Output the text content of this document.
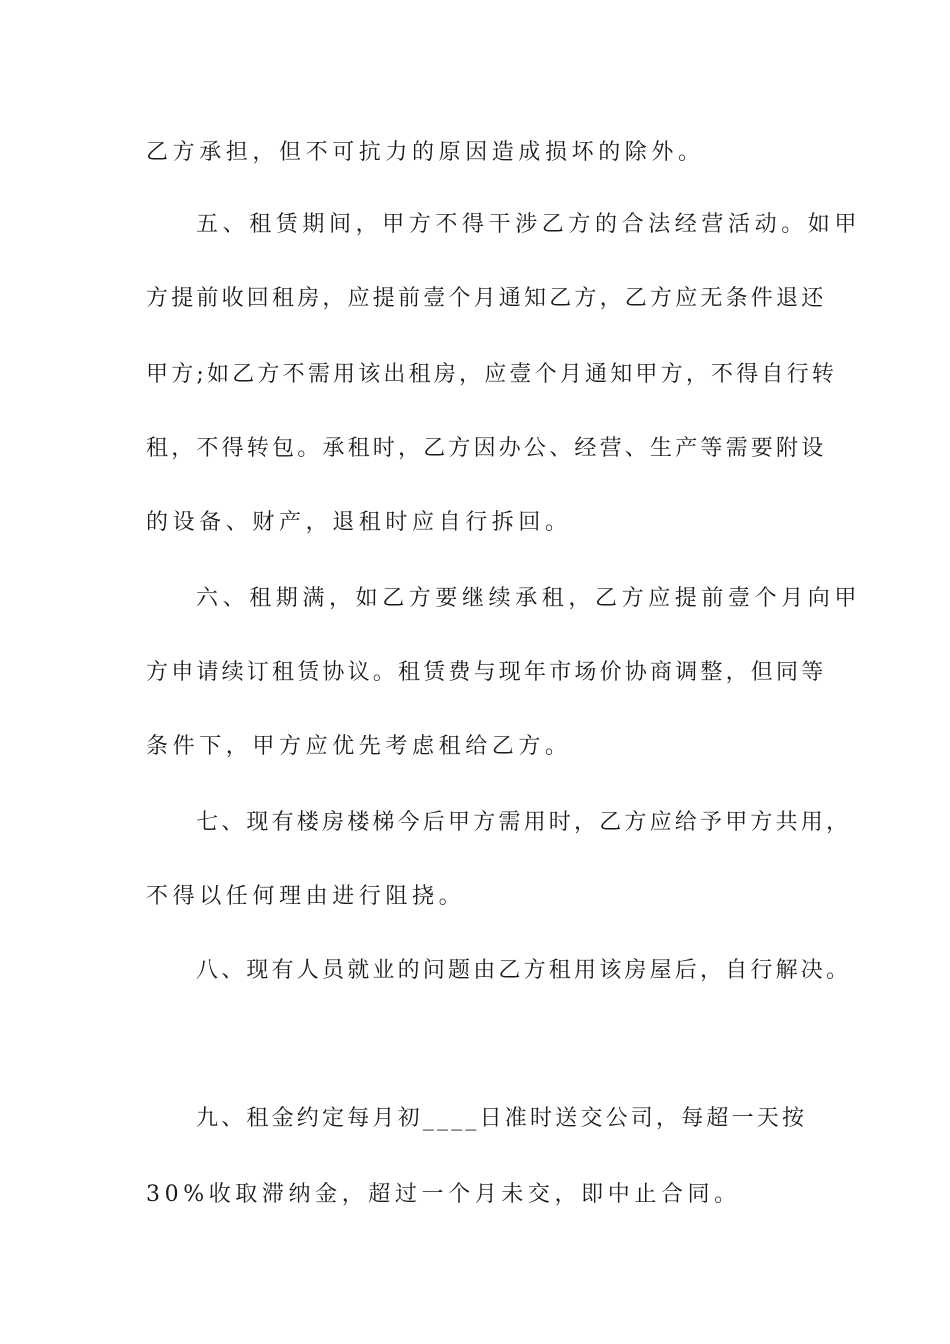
乙方承担，但不可抗力的原因造成损坏的除外。
五、租赁期间，甲方不得干涉乙方的合法经营活动。如甲
方提前收回租房，应提前壹个月通知乙方，乙方应无条件退还
甲方;如乙方不需用该出租房，应壹个月通知甲方，不得自行转
租，不得转包。承租时，乙方因办公、经营、生产等需要附设
的设备、财产，退租时应自行拆回。
六、租期满，如乙方要继续承租，乙方应提前壹个月向甲
方申请续订租赁协议。租赁费与现年市场价协商调整，但同等
条件下，甲方应优先考虑租给乙方。
七、现有楼房楼梯今后甲方需用时，乙方应给予甲方共用，
不得以任何理由进行阻挠。
八、现有人员就业的问题由乙方租用该房屋后，自行解决。
九、租金约定每月初____日准时送交公司，每超一天按
30%收取滞纳金，超过一个月未交，即中止合同。
